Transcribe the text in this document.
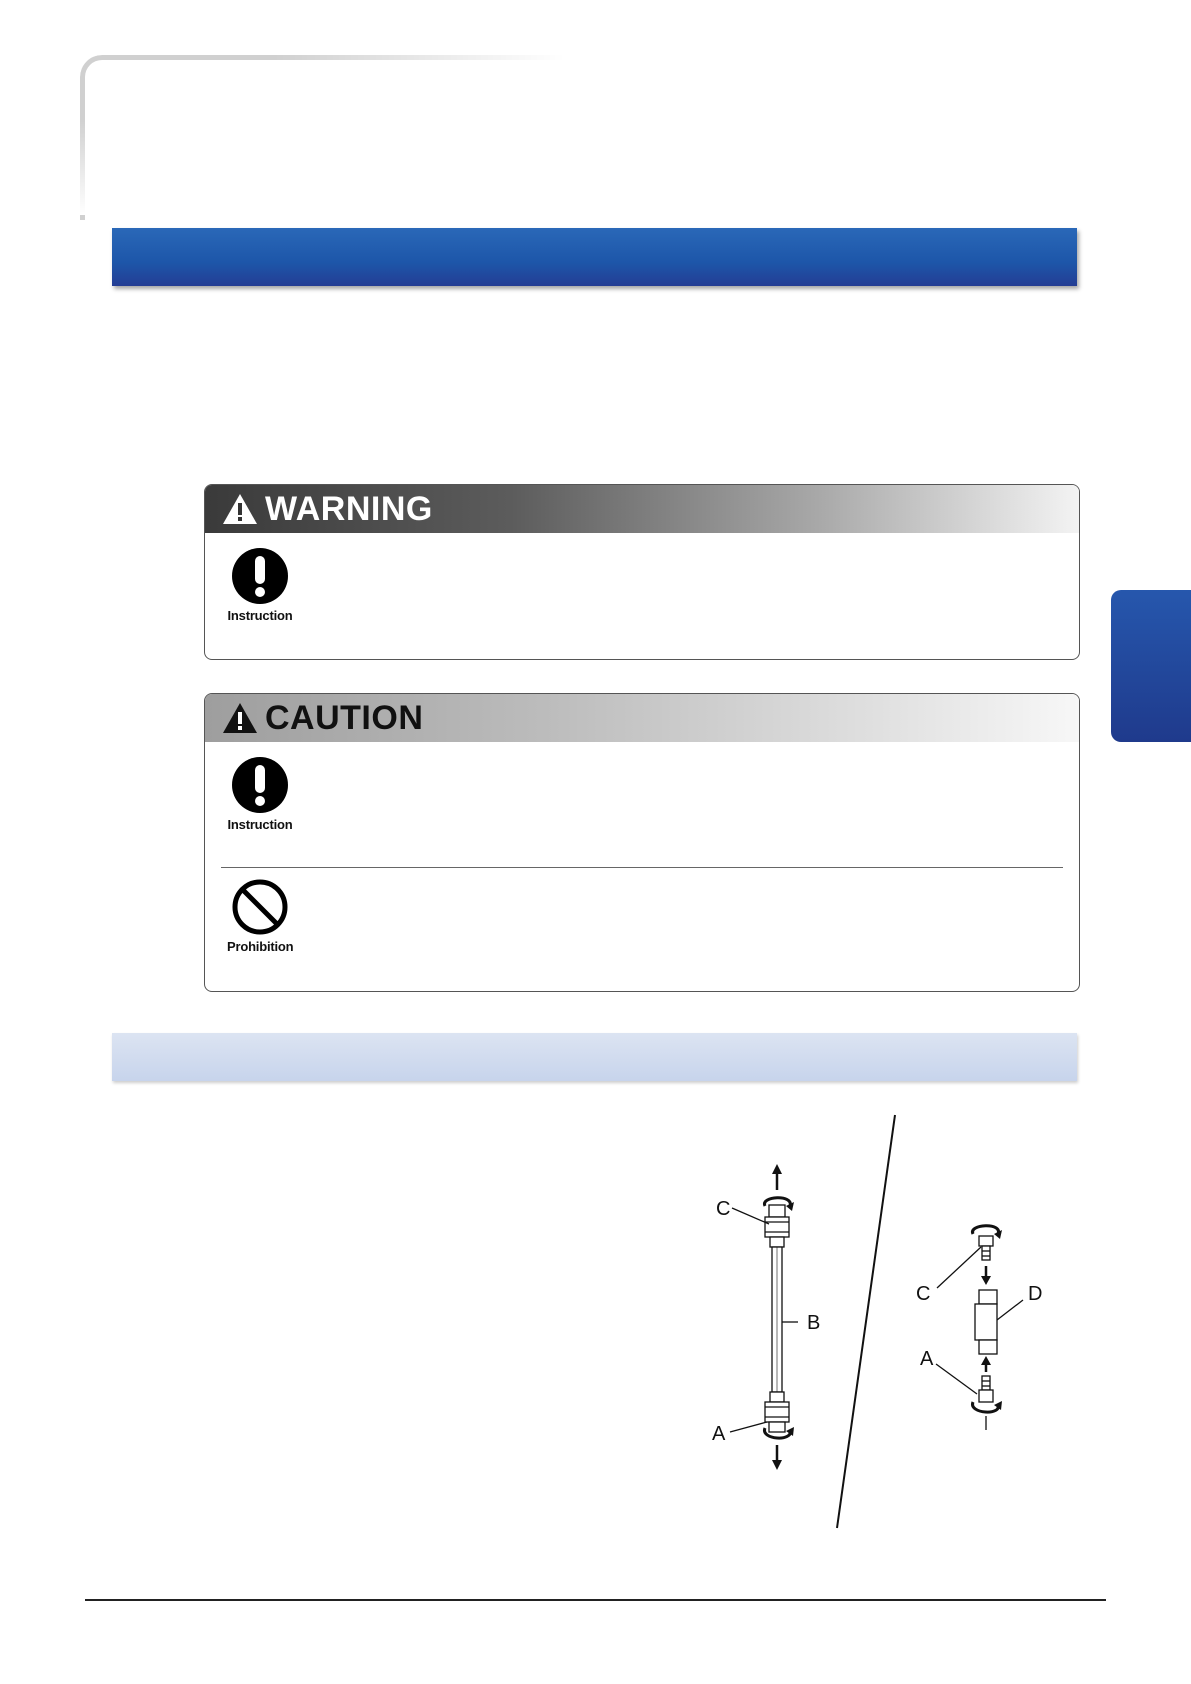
WARNING
Instruction
CAUTION
Instruction
Prohibition
C
B
A
C	D
A
